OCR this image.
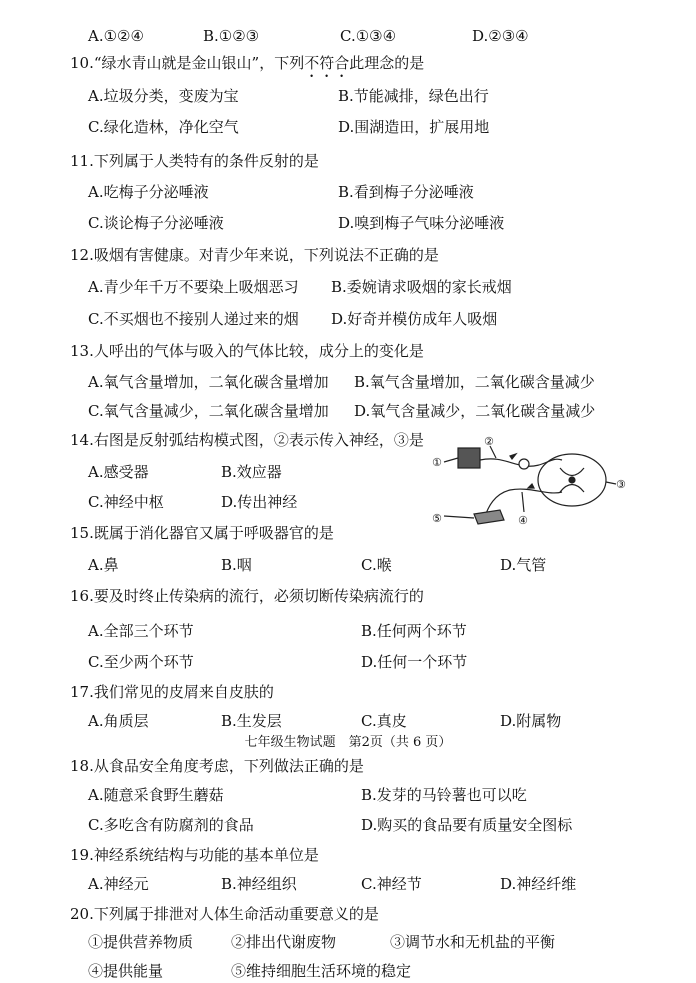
A.①②④	B.①②③	C.①③④	D.②③④
10.“绿水青山就是金山银山”，下列不符合此理念的是
A.垃圾分类，变废为宝	B.节能减排，绿色出行
C.绿化造林，净化空气	D.围湖造田，扩展用地
11.下列属于人类特有的条件反射的是
A.吃梅子分泌唾液	B.看到梅子分泌唾液
C.谈论梅子分泌唾液	D.嗅到梅子气味分泌唾液
12.吸烟有害健康。对青少年来说，下列说法不正确的是
A.青少年千万不要染上吸烟恶习 B.委婉请求吸烟的家长戒烟
C.不买烟也不接别人递过来的烟 D.好奇并模仿成年人吸烟
13.人呼出的气体与吸入的气体比较，成分上的变化是
A.氧气含量增加，二氧化碳含量增加 B.氧气含量增加，二氧化碳含量减少
C.氧气含量减少，二氧化碳含量增加 D.氧气含量减少，二氧化碳含量减少
14.右图是反射弧结构模式图，②表示传入神经，③是
A.感受器	B.效应器
C.神经中枢	D.传出神经
①
②
③
④
⑤
15.既属于消化器官又属于呼吸器官的是
A.鼻	B.咽	C.喉	D.气管
16.要及时终止传染病的流行，必须切断传染病流行的
A.全部三个环节	B.任何两个环节
C.至少两个环节	D.任何一个环节
17.我们常见的皮屑来自皮肤的
A.角质层	B.生发层	C.真皮	D.附属物
七年级生物试题　第2页（共 6 页）
18.从食品安全角度考虑，下列做法正确的是
A.随意采食野生蘑菇	B.发芽的马铃薯也可以吃
C.多吃含有防腐剂的食品	D.购买的食品要有质量安全图标
19.神经系统结构与功能的基本单位是
A.神经元	B.神经组织	C.神经节	D.神经纤维
20.下列属于排泄对人体生命活动重要意义的是
①提供营养物质	②排出代谢废物	③调节水和无机盐的平衡
④提供能量	⑤维持细胞生活环境的稳定
